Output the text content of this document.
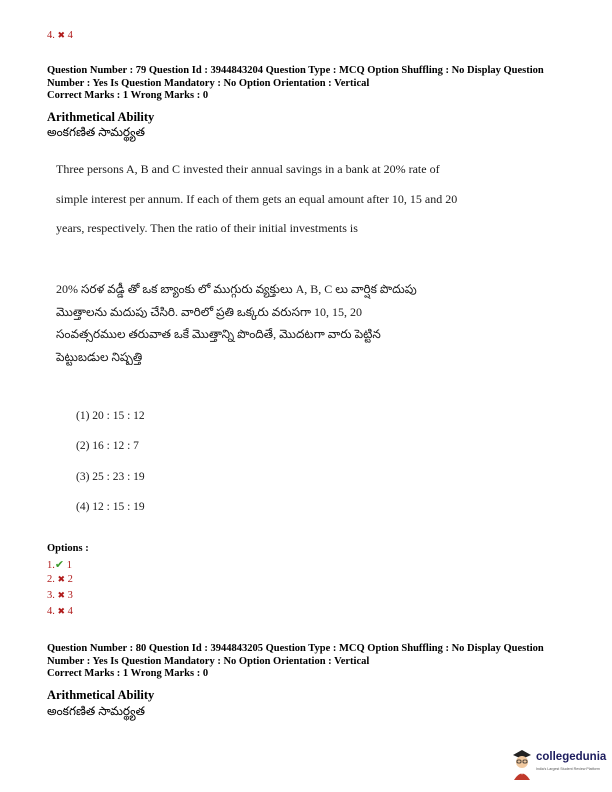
4. ✖ 4
Question Number : 79 Question Id : 3944843204 Question Type : MCQ Option Shuffling : No Display Question
Number : Yes Is Question Mandatory : No Option Orientation : Vertical
Correct Marks : 1 Wrong Marks : 0
Arithmetical Ability
అంకగణిత సామర్థ్యత
Three persons A, B and C invested their annual savings in a bank at 20% rate of
simple interest per annum. If each of them gets an equal amount after 10, 15 and 20
years, respectively. Then the ratio of their initial investments is
20% సరళ వడ్డీ తో ఒక బ్యాంకు లో ముగ్గురు వ్యక్తులు A, B, C లు వార్షిక పొదుపు
మొత్తాలను మదుపు చేసిరి. వారిలో ప్రతి ఒక్కరు వరుసగా 10, 15, 20
సంవత్సరముల తరువాత ఒకే మొత్తాన్ని పొందితే, మొదటగా వారు పెట్టిన
పెట్టుబడుల నిష్పత్తి
(1) 20 : 15 : 12
(2) 16 : 12 : 7
(3) 25 : 23 : 19
(4) 12 : 15 : 19
Options :
1.✔ 1
2. ✖ 2
3. ✖ 3
4. ✖ 4
Question Number : 80 Question Id : 3944843205 Question Type : MCQ Option Shuffling : No Display Question
Number : Yes Is Question Mandatory : No Option Orientation : Vertical
Correct Marks : 1 Wrong Marks : 0
Arithmetical Ability
అంకగణిత సామర్థ్యత
collegedunia
India's Largest Student Review Platform
